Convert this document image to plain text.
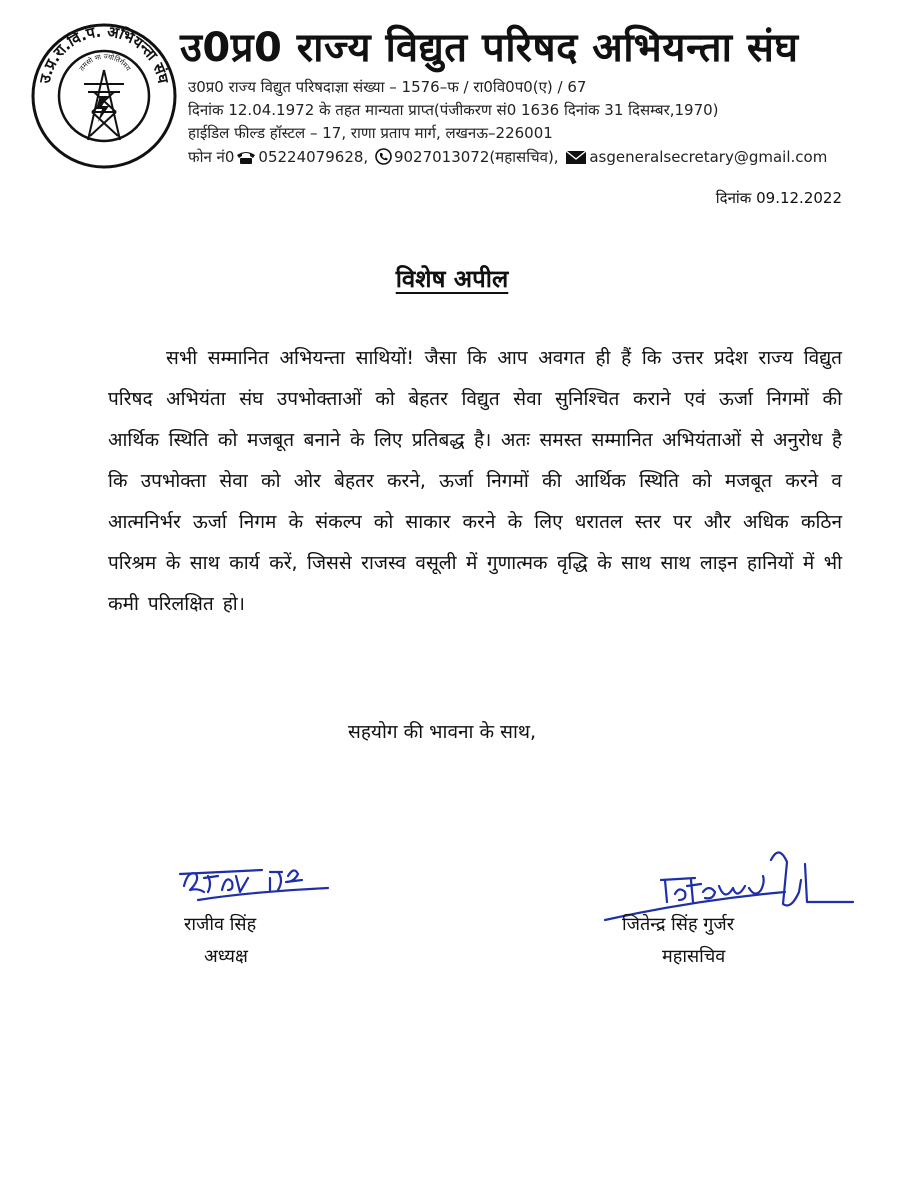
उ.प्र.रा.वि.प. अभियन्ता संघ
तमसो मा ज्योतिर्गमय उ0प्र0 राज्य विद्युत परिषद अभियन्ता संघ
उ0प्र0 राज्य विद्युत परिषदाज्ञा संख्या – 1576–फ / रा0वि0प0(ए) / 67
दिनांक 12.04.1972 के तहत मान्यता प्राप्त(पंजीकरण सं0 1636 दिनांक 31 दिसम्बर,1970)
हाईडिल फील्ड हॉस्टल – 17, राणा प्रताप मार्ग, लखनऊ–226001
फोन नं0 05224079628, 9027013072(महासचिव), asgeneralsecretary@gmail.com
दिनांक 09.12.2022
विशेष अपील
सभी सम्मानित अभियन्ता साथियों! जैसा कि आप अवगत ही हैं कि उत्तर प्रदेश राज्य विद्युत परिषद अभियंता संघ उपभोक्ताओं को बेहतर विद्युत सेवा सुनिश्चित कराने एवं ऊर्जा निगमों की आर्थिक स्थिति को मजबूत बनाने के लिए प्रतिबद्ध है। अतः समस्त सम्मानित अभियंताओं से अनुरोध है कि उपभोक्ता सेवा को ओर बेहतर करने, ऊर्जा निगमों की आर्थिक स्थिति को मजबूत करने व आत्मनिर्भर ऊर्जा निगम के संकल्प को साकार करने के लिए धरातल स्तर पर और अधिक कठिन परिश्रम के साथ कार्य करें, जिससे राजस्व वसूली में गुणात्मक वृद्धि के साथ साथ लाइन हानियों में भी कमी परिलक्षित हो।
सहयोग की भावना के साथ,
राजीव सिंह
अध्यक्ष
जितेन्द्र सिंह गुर्जर
महासचिव
